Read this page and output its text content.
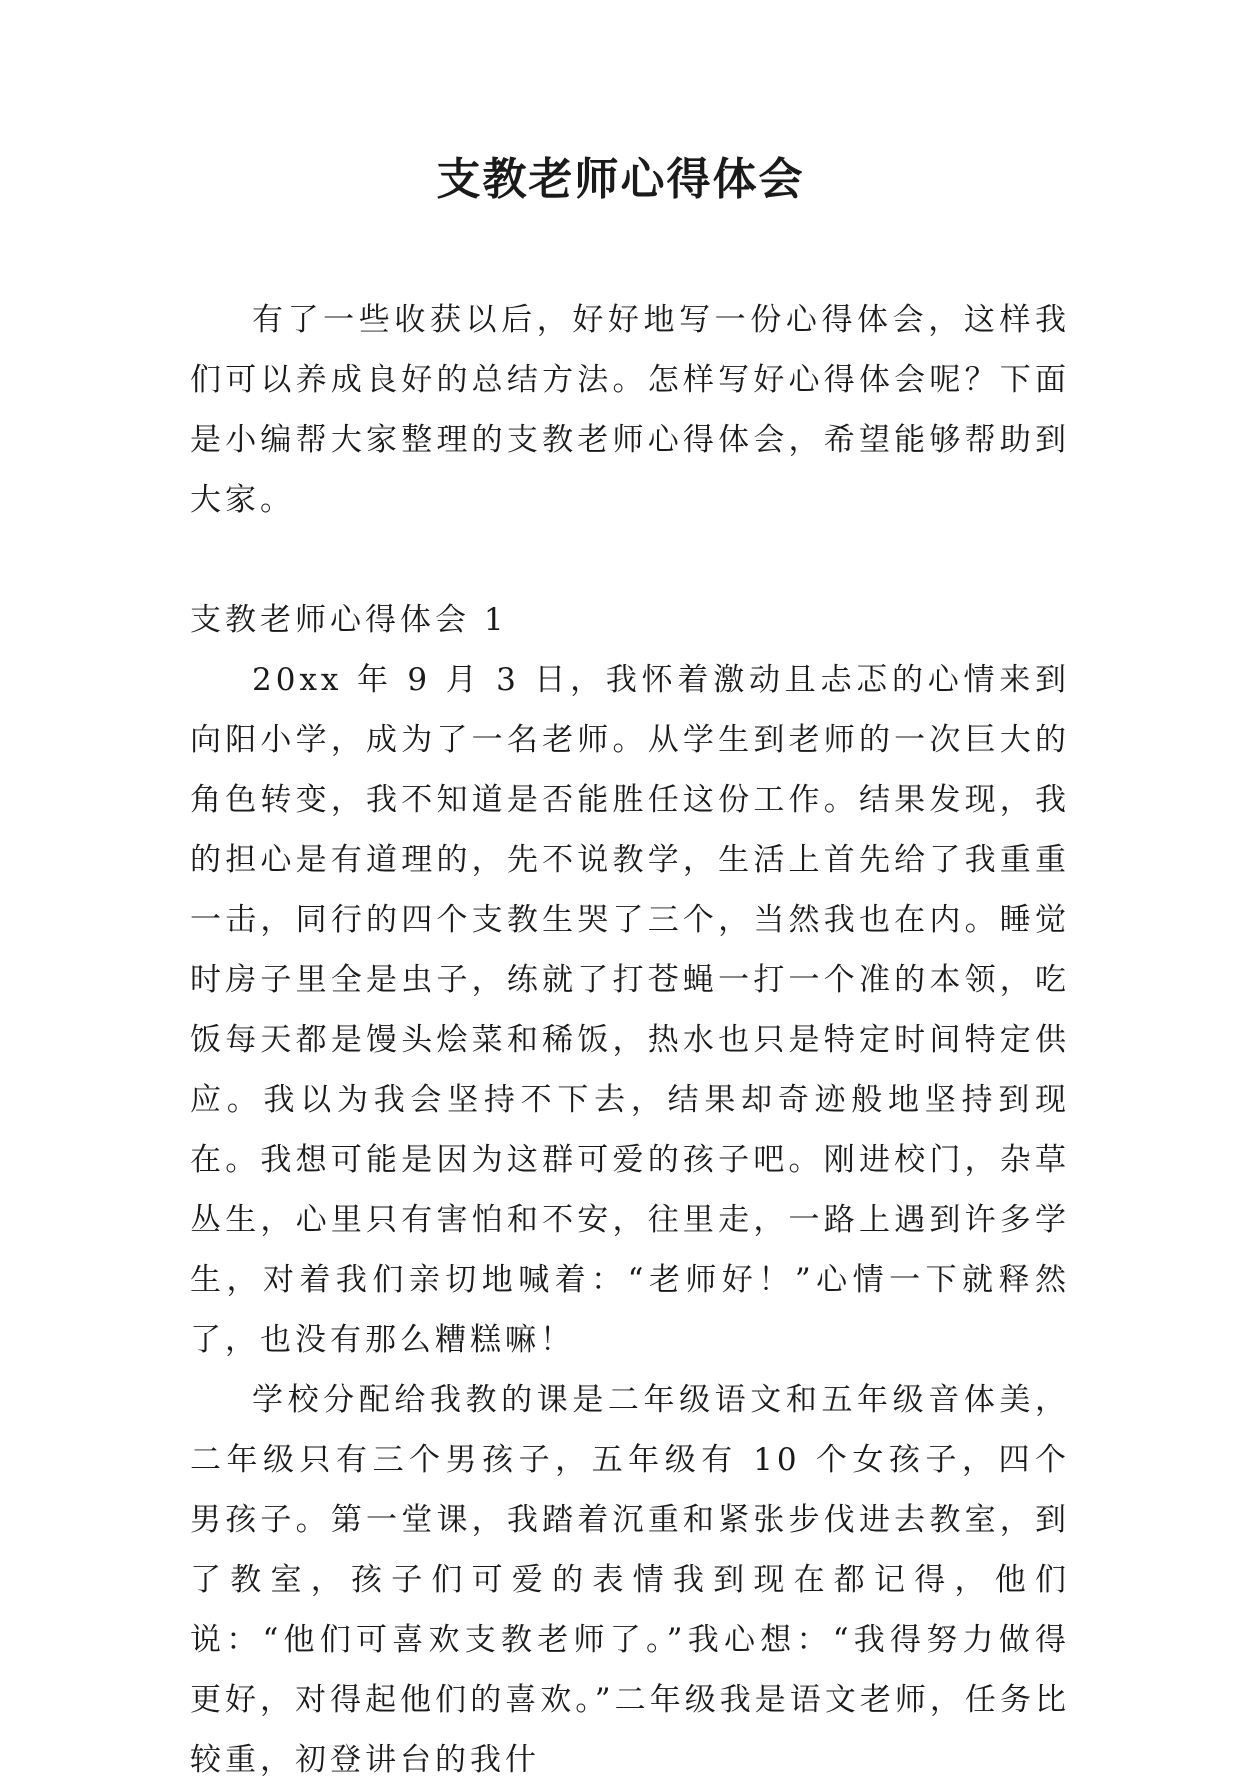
支教老师心得体会

有了一些收获以后，好好地写一份心得体会，这样我们可以养成良好的总结方法。怎样写好心得体会呢？下面是小编帮大家整理的支教老师心得体会，希望能够帮助到大家。

支教老师心得体会 1

20xx 年 9 月 3 日，我怀着激动且忐忑的心情来到向阳小学，成为了一名老师。从学生到老师的一次巨大的角色转变，我不知道是否能胜任这份工作。结果发现，我的担心是有道理的，先不说教学，生活上首先给了我重重一击，同行的四个支教生哭了三个，当然我也在内。睡觉时房子里全是虫子，练就了打苍蝇一打一个准的本领，吃饭每天都是馒头烩菜和稀饭，热水也只是特定时间特定供应。我以为我会坚持不下去，结果却奇迹般地坚持到现在。我想可能是因为这群可爱的孩子吧。刚进校门，杂草丛生，心里只有害怕和不安，往里走，一路上遇到许多学生，对着我们亲切地喊着：“老师好！”心情一下就释然了，也没有那么糟糕嘛！

学校分配给我教的课是二年级语文和五年级音体美，二年级只有三个男孩子，五年级有 10 个女孩子，四个男孩子。第一堂课，我踏着沉重和紧张步伐进去教室，到了教室，孩子们可爱的表情我到现在都记得，他们说：“他们可喜欢支教老师了。”我心想：“我得努力做得更好，对得起他们的喜欢。”二年级我是语文老师，任务比较重，初登讲台的我什
